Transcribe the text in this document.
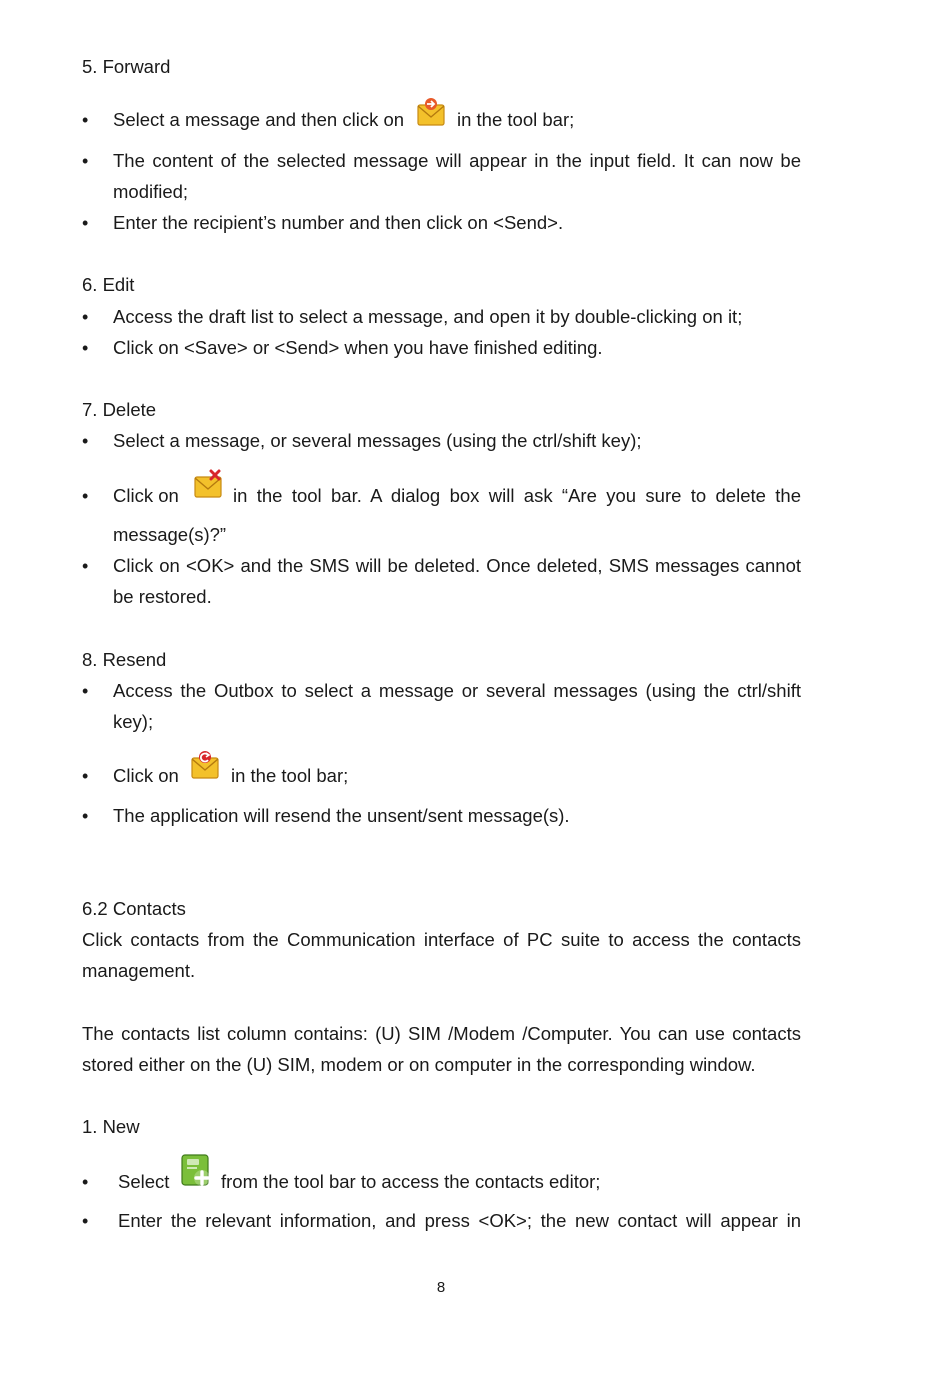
5. Forward
• Select a message and then click on	in the tool bar;
• The content of the selected message will appear in the input field. It can now be
modified;
• Enter the recipient’s number and then click on <Send>.
6. Edit
• Access the draft list to select a message, and open it by double-clicking on it;
• Click on <Save> or <Send> when you have finished editing.
7. Delete
• Select a message, or several messages (using the ctrl/shift key);
• Click on	in the tool bar. A dialog box will ask “Are you sure to delete the
message(s)?”
• Click on <OK> and the SMS will be deleted. Once deleted, SMS messages cannot
be restored.
8. Resend
• Access the Outbox to select a message or several messages (using the ctrl/shift
key);
• Click on	in the tool bar;
• The application will resend the unsent/sent message(s).
6.2 Contacts
Click contacts from the Communication interface of PC suite to access the contacts
management.
The contacts list column contains: (U) SIM /Modem /Computer. You can use contacts
stored either on the (U) SIM, modem or on computer in the corresponding window.
1. New
• Select	from the tool bar to access the contacts editor;
• Enter the relevant information, and press <OK>; the new contact will appear in
8
